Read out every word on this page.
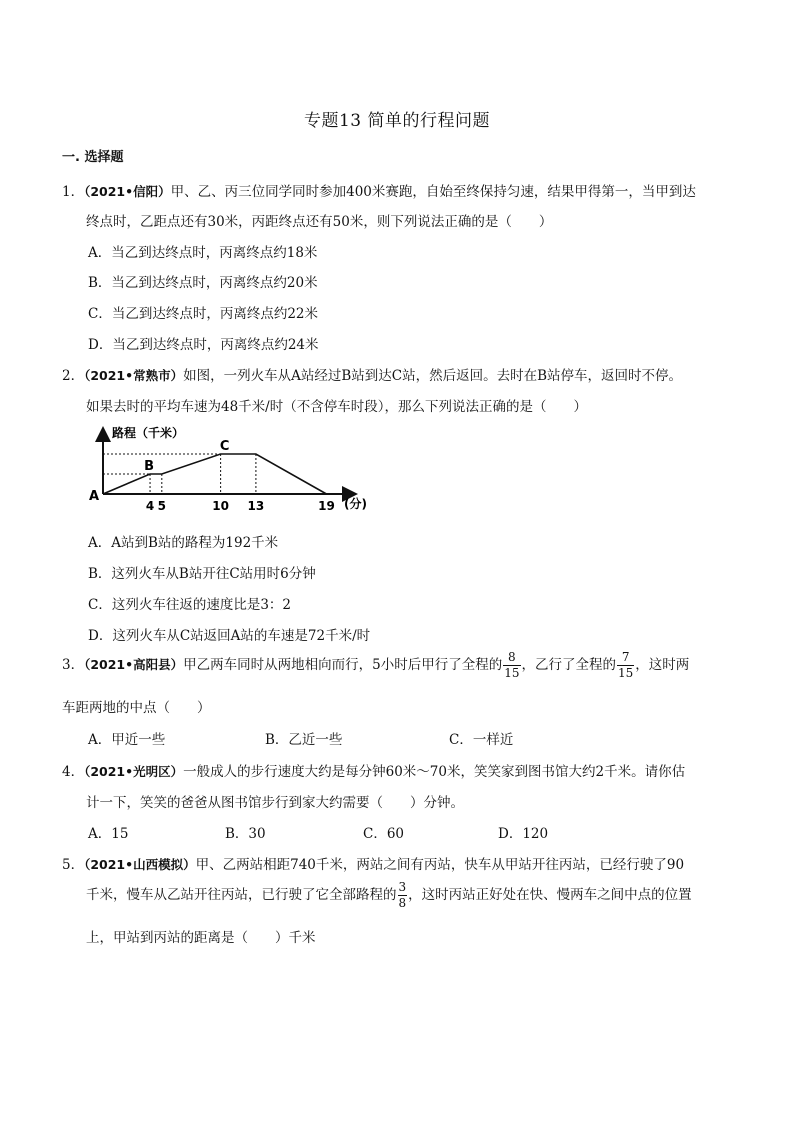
专题13 简单的行程问题
一. 选择题
1．（2021•信阳）甲、乙、丙三位同学同时参加400米赛跑，自始至终保持匀速，结果甲得第一，当甲到达
终点时，乙距点还有30米，丙距终点还有50米，则下列说法正确的是（　　）
A．当乙到达终点时，丙离终点约18米
B．当乙到达终点时，丙离终点约20米
C．当乙到达终点时，丙离终点约22米
D．当乙到达终点时，丙离终点约24米
2．（2021•常熟市）如图，一列火车从A站经过B站到达C站，然后返回。去时在B站停车，返回时不停。
如果去时的平均车速为48千米/时（不含停车时段），那么下列说法正确的是（　　）
路程（千米）
(分)
4 5	10 13	19
A
B
C
A．A站到B站的路程为192千米
B．这列火车从B站开往C站用时6分钟
C．这列火车往返的速度比是3：2
D．这列火车从C站返回A站的车速是72千米/时
3．（2021•高阳县）甲乙两车同时从两地相向而行，5小时后甲行了全程的 $\frac{8}{15}$ ，乙行了全程的 $\frac{7}{15}$ ，这时两
车距两地的中点（　　）
A．甲近一些	B．乙近一些	C．一样近
4．（2021•光明区）一般成人的步行速度大约是每分钟60米～70米，笑笑家到图书馆大约2千米。请你估
计一下，笑笑的爸爸从图书馆步行到家大约需要（　　）分钟。
A．15	B．30	C．60	D．120
5．（2021•山西模拟）甲、乙两站相距740千米，两站之间有丙站，快车从甲站开往丙站，已经行驶了90
千米，慢车从乙站开往丙站，已行驶了它全部路程的 $\frac{3}{8}$ ，这时丙站正好处在快、慢两车之间中点的位置
上，甲站到丙站的距离是（　　）千米
